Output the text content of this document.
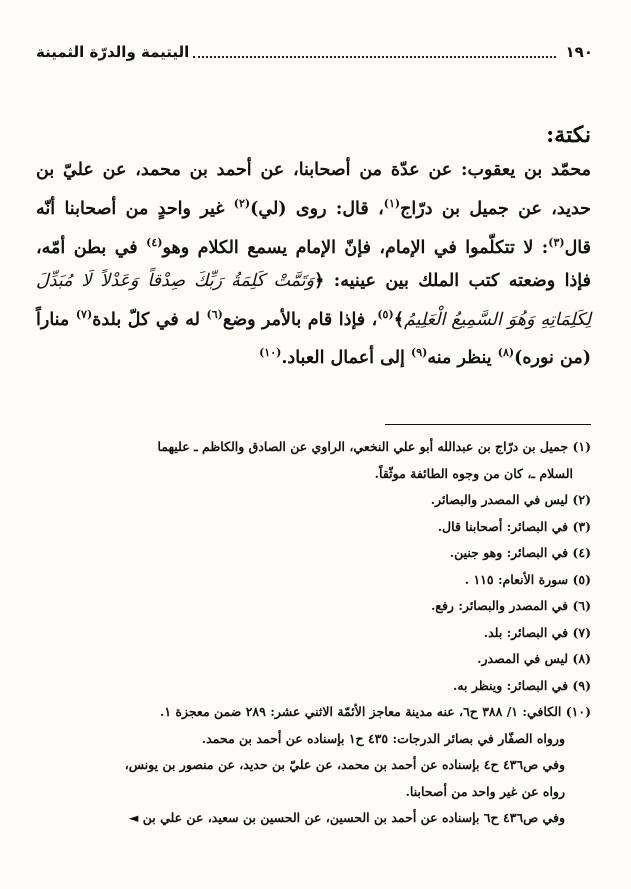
١٩٠
اليتيمة والدرّة الثمينة
نكتة:

محمّد بن يعقوب: عن عدّة من أصحابنا، عن أحمد بن محمد، عن عليّ بن حديد، عن جميل بن درّاج$^{(١)}$، قال: روى (لي)$^{(٢)}$ غير واحدٍ من أصحابنا أنّه قال$^{(٣)}$: لا تتكلّموا في الإمام، فإنّ الإمام يسمع الكلام وهو$^{(٤)}$ في بطن أمّه، فإذا وضعته كتب الملك بين عينيه: ﴿وَتَمَّتْ كَلِمَةُ رَبِّكَ صِدْقاً وَعَدْلاً لَا مُبَدِّلَ لِكَلِمَاتِهِ وَهُوَ السَّمِيعُ الْعَلِيمُ﴾$^{(٥)}$، فإذا قام بالأمر وضع$^{(٦)}$ له في كلّ بلدة$^{(٧)}$ مناراً (من نوره)$^{(٨)}$ ينظر منه$^{(٩)}$ إلى أعمال العباد.$^{(١٠)}$

(١) جميل بن درّاج بن عبدالله أبو علي النخعي، الراوي عن الصادق والكاظم ـ عليهما

السلام ـ، كان من وجوه الطائفة موثّقاً.

(٢) ليس في المصدر والبصائر.

(٣) في البصائر: أصحابنا قال.

(٤) في البصائر: وهو جنين.

(٥) سورة الأنعام: ١١٥ .

(٦) في المصدر والبصائر: رفع.

(٧) في البصائر: بلد.

(٨) ليس في المصدر.

(٩) في البصائر: وينظر به.

(١٠) الكافي: ١/ ٣٨٨ ح٦، عنه مدينة معاجز الأئمّة الاثني عشر: ٢٨٩ ضمن معجزة ١.

ورواه الصفّار في بصائر الدرجات: ٤٣٥ ح١ بإسناده عن أحمد بن محمد.

وفي ص٤٣٦ ح٤ بإسناده عن أحمد بن محمد، عن عليّ بن حديد، عن منصور بن يونس،

رواه عن غير واحد من أصحابنا.

وفي ص٤٣٦ ح٦ بإسناده عن أحمد بن الحسين، عن الحسين بن سعيد، عن علي بن ◄
